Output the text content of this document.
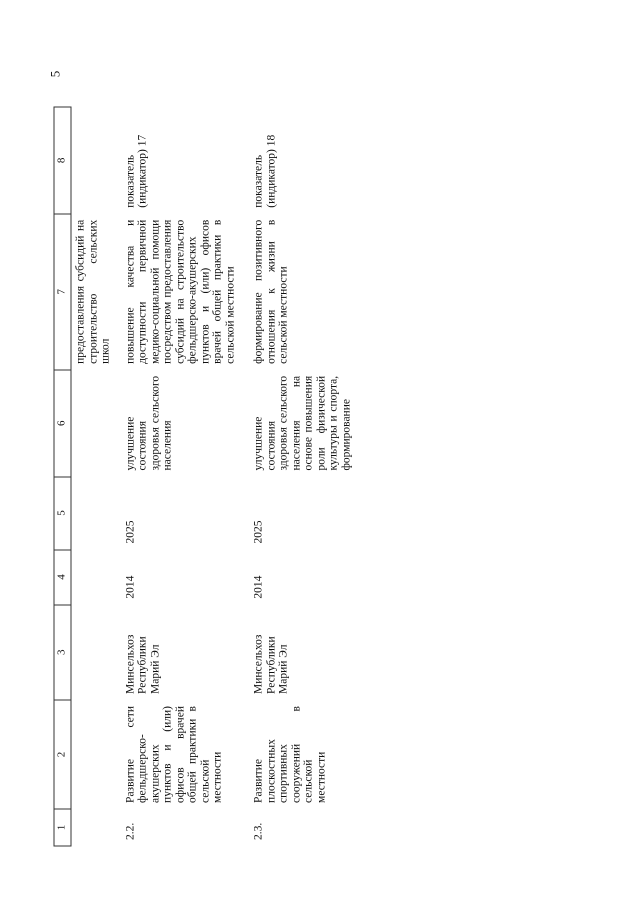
5
1	2	3	4	5	6	7	8
						предоставления субсидий на строительство сельских школ	

2.2.	Развитие сети фельдшерско-акушерских пунктов и (или) офисов врачей общей практики в сельской местности	Минсельхоз Республики Марий Эл	2014	2025	улучшение состояния здоровья сельского населения	повышение качества и доступности первичной медико-социальной помощи посредством предоставления субсидий на строительство фельдшерско-акушерских пунктов и (или) офисов врачей общей практики в сельской местности	показатель (индикатор) 17

2.3.	Развитие плоскостных спортивных сооружений в сельской местности	Минсельхоз Республики Марий Эл	2014	2025	улучшение состояния здоровья сельского населения на основе повышения роли физической культуры и спорта, формирование	формирование позитивного отношения к жизни в сельской местности	показатель (индикатор) 18
